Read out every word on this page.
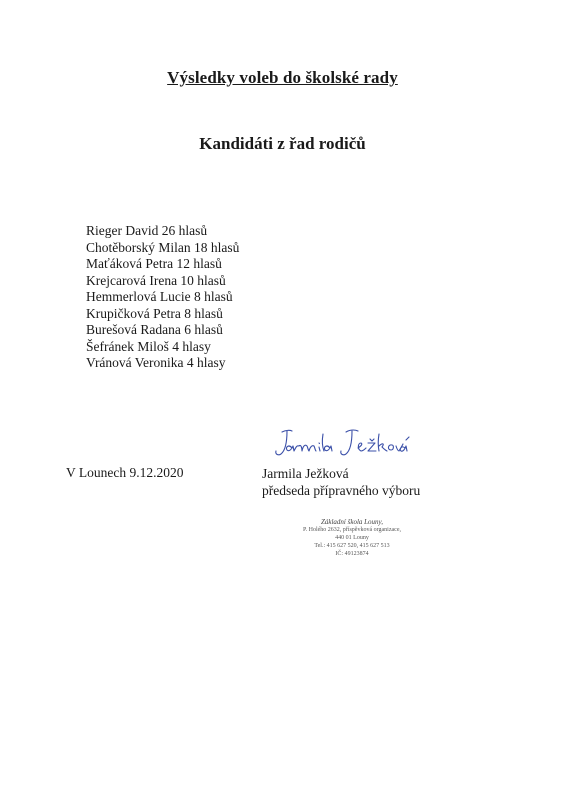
Výsledky voleb do školské rady
Kandidáti z řad rodičů
Rieger David 26 hlasů
Chotěborský Milan 18 hlasů
Maťáková Petra 12 hlasů
Krejcarová Irena 10 hlasů
Hemmerlová Lucie 8 hlasů
Krupičková Petra 8 hlasů
Burešová Radana 6 hlasů
Šefránek Miloš 4 hlasy
Vránová Veronika 4 hlasy
V Lounech 9.12.2020	Jarmila Ježková
předseda přípravného výboru
Základní škola Louny,
P. Holého 2632, příspěvková organizace,
440 01 Louny
Tel.: 415 627 520, 415 627 513
IČ: 49123874
